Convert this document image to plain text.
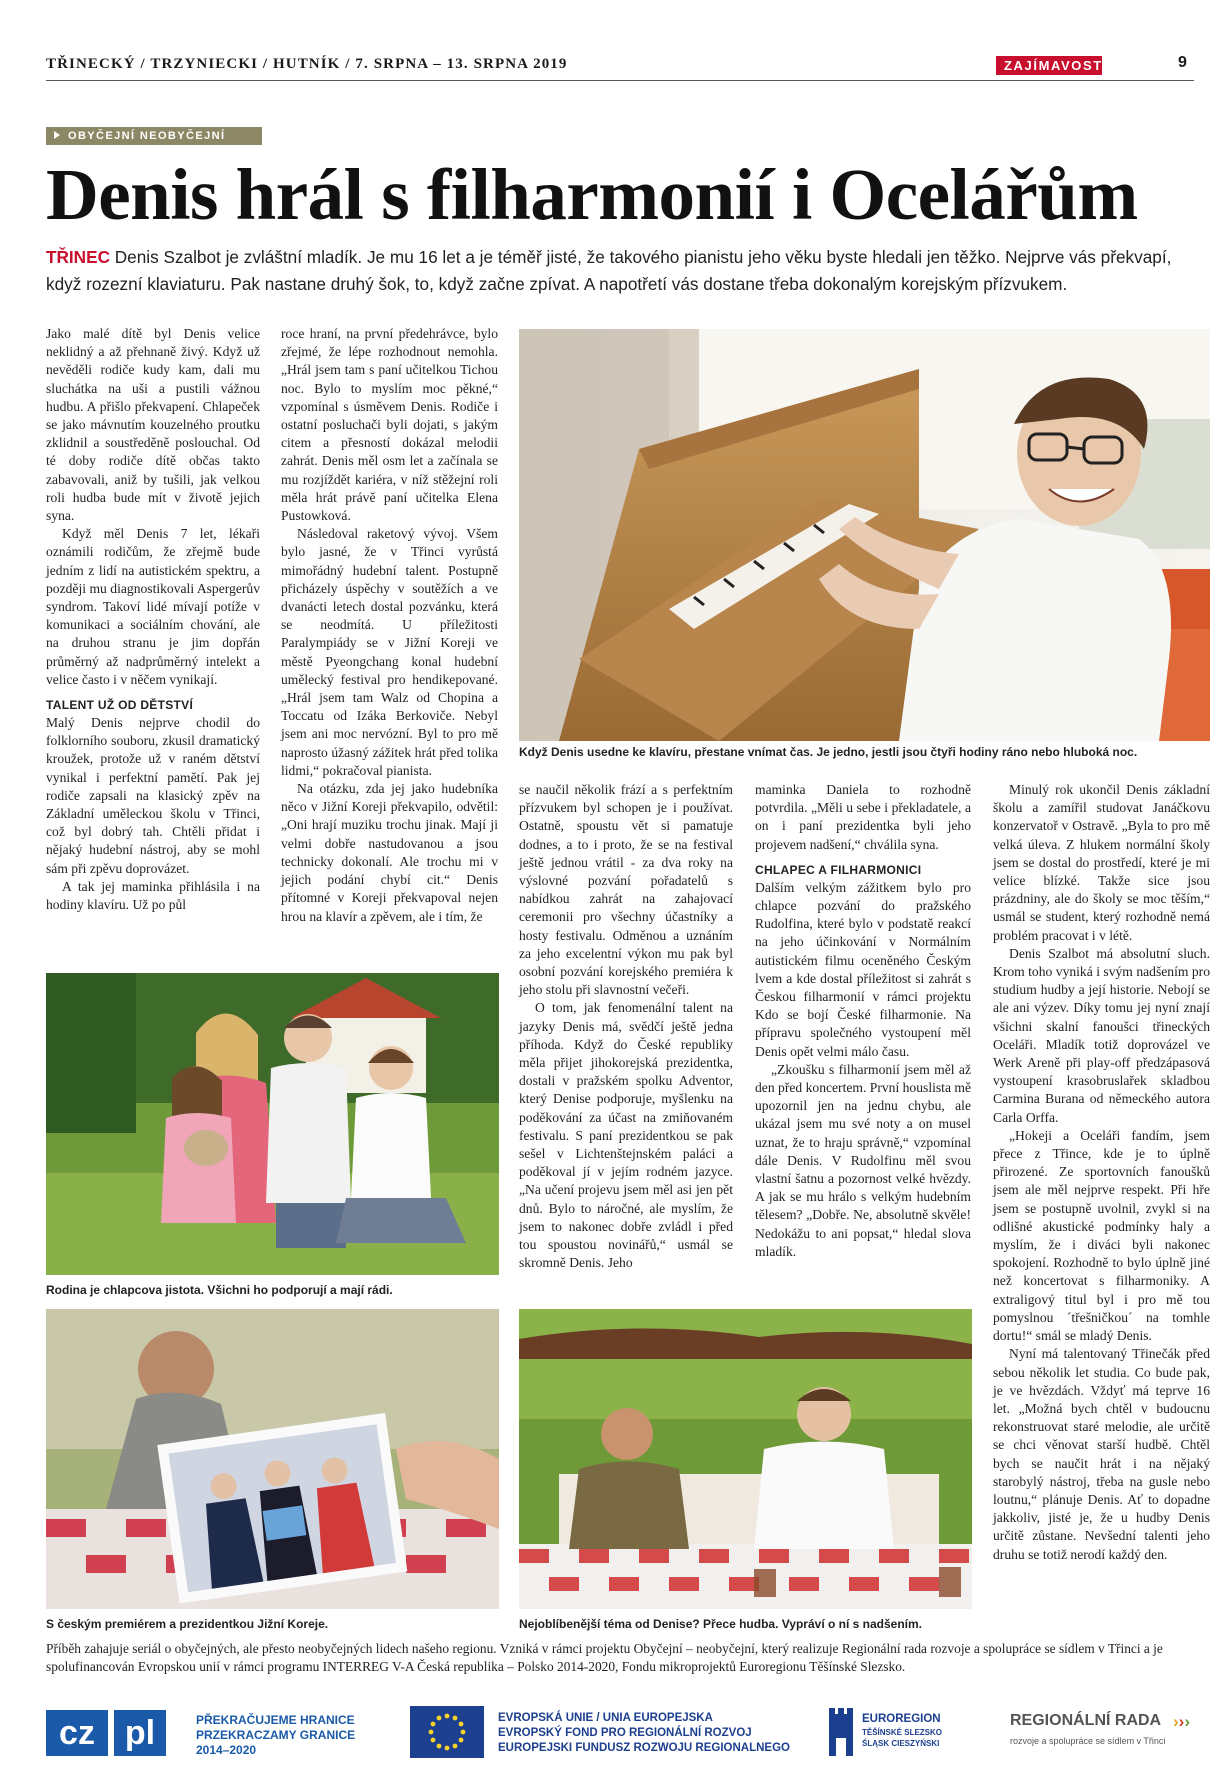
TŘINECKÝ / TRZYNIECKI / HUTNÍK / 7. SRPNA – 13. SRPNA 2019	ZAJÍMAVOSTI	9
OBYČEJNÍ NEOBYČEJNÍ
Denis hrál s filharmonií i Ocelářům
TŘINEC Denis Szalbot je zvláštní mladík. Je mu 16 let a je téměř jisté, že takového pianistu jeho věku byste hledali jen těžko. Nejprve vás překvapí, když rozezní klaviaturu. Pak nastane druhý šok, to, když začne zpívat. A napotřetí vás dostane třeba dokonalým korejským přízvukem.

Jako malé dítě byl Denis velice neklidný a až přehnaně živý. Když už nevěděli rodiče kudy kam, dali mu sluchátka na uši a pustili vážnou hudbu. A přišlo překvapení. Chlapeček se jako mávnutím kouzelného proutku zklidnil a soustředěně poslouchal. Od té doby rodiče dítě občas takto zabavovali, aniž by tušili, jak velkou roli hudba bude mít v životě jejich syna.

Když měl Denis 7 let, lékaři oznámili rodičům, že zřejmě bude jedním z lidí na autistickém spektru, a později mu diagnostikovali Aspergerův syndrom. Takoví lidé mívají potíže v komunikaci a sociálním chování, ale na druhou stranu je jim dopřán průměrný až nadprůměrný intelekt a velice často i v něčem vynikají.

TALENT UŽ OD DĚTSTVÍ

Malý Denis nejprve chodil do folklorního souboru, zkusil dramatický kroužek, protože už v raném dětství vynikal i perfektní pamětí. Pak jej rodiče zapsali na klasický zpěv na Základní uměleckou školu v Třinci, což byl dobrý tah. Chtěli přidat i nějaký hudební nástroj, aby se mohl sám při zpěvu doprovázet.

A tak jej maminka přihlásila i na hodiny klavíru. Už po půl

roce hraní, na první předehrávce, bylo zřejmé, že lépe rozhodnout nemohla. „Hrál jsem tam s paní učitelkou Tichou noc. Bylo to myslím moc pěkné,“ vzpomínal s úsměvem Denis. Rodiče i ostatní posluchači byli dojati, s jakým citem a přesností dokázal melodii zahrát. Denis měl osm let a začínala se mu rozjíždět kariéra, v níž stěžejní roli měla hrát právě paní učitelka Elena Pustowková.

Následoval raketový vývoj. Všem bylo jasné, že v Třinci vyrůstá mimořádný hudební talent. Postupně přicházely úspěchy v soutěžích a ve dvanácti letech dostal pozvánku, která se neodmítá. U příležitosti Paralympiády se v Jižní Koreji ve městě Pyeongchang konal hudební umělecký festival pro hendikepované. „Hrál jsem tam Walz od Chopina a Toccatu od Izáka Berkoviče. Nebyl jsem ani moc nervózní. Byl to pro mě naprosto úžasný zážitek hrát před tolika lidmi,“ pokračoval pianista.

Na otázku, zda jej jako hudebníka něco v Jižní Koreji překvapilo, odvětil: „Oni hrají muziku trochu jinak. Mají ji velmi dobře nastudovanou a jsou technicky dokonalí. Ale trochu mi v jejich podání chybí cit.“ Denis přítomné v Koreji překvapoval nejen hrou na klavír a zpěvem, ale i tím, že

Když Denis usedne ke klavíru, přestane vnímat čas. Je jedno, jestli jsou čtyři hodiny ráno nebo hluboká noc.

se naučil několik frází a s perfektním přízvukem byl schopen je i používat. Ostatně, spoustu vět si pamatuje dodnes, a to i proto, že se na festival ještě jednou vrátil - za dva roky na výslovné pozvání pořadatelů s nabídkou zahrát na zahajovací ceremonii pro všechny účastníky a hosty festivalu. Odměnou a uznáním za jeho excelentní výkon mu pak byl osobní pozvání korejského premiéra k jeho stolu při slavnostní večeři.

O tom, jak fenomenální talent na jazyky Denis má, svědčí ještě jedna příhoda. Když do České republiky měla přijet jihokorejská prezidentka, dostali v pražském spolku Adventor, který Denise podporuje, myšlenku na poděkování za účast na zmiňovaném festivalu. S paní prezidentkou se pak sešel v Lichtenštejnském paláci a poděkoval jí v jejím rodném jazyce. „Na učení projevu jsem měl asi jen pět dnů. Bylo to náročné, ale myslím, že jsem to nakonec dobře zvládl i před tou spoustou novinářů,“ usmál se skromně Denis. Jeho

maminka Daniela to rozhodně potvrdila. „Měli u sebe i překladatele, a on i paní prezidentka byli jeho projevem nadšení,“ chválila syna.

CHLAPEC A FILHARMONICI

Dalším velkým zážitkem bylo pro chlapce pozvání do pražského Rudolfina, které bylo v podstatě reakcí na jeho účinkování v Normálním autistickém filmu oceněného Českým lvem a kde dostal příležitost si zahrát s Českou filharmonií v rámci projektu Kdo se bojí České filharmonie. Na přípravu společného vystoupení měl Denis opět velmi málo času.

„Zkoušku s filharmonií jsem měl až den před koncertem. První houslista mě upozornil jen na jednu chybu, ale ukázal jsem mu své noty a on musel uznat, že to hraju správně,“ vzpomínal dále Denis. V Rudolfinu měl svou vlastní šatnu a pozornost velké hvězdy. A jak se mu hrálo s velkým hudebním tělesem? „Dobře. Ne, absolutně skvěle! Nedokážu to ani popsat,“ hledal slova mladík.

Minulý rok ukončil Denis základní školu a zamířil studovat Janáčkovu konzervatoř v Ostravě. „Byla to pro mě velká úleva. Z hlukem normální školy jsem se dostal do prostředí, které je mi velice blízké. Takže sice jsou prázdniny, ale do školy se moc těším,“ usmál se student, který rozhodně nemá problém pracovat i v létě.

Denis Szalbot má absolutní sluch. Krom toho vyniká i svým nadšením pro studium hudby a její historie. Nebojí se ale ani výzev. Díky tomu jej nyní znají všichni skalní fanoušci třineckých Oceláři. Mladík totiž doprovázel ve Werk Areně při play-off předzápasová vystoupení krasobruslařek skladbou Carmina Burana od německého autora Carla Orffa.

„Hokeji a Oceláři fandím, jsem přece z Třince, kde je to úplně přirozené. Ze sportovních fanoušků jsem ale měl nejprve respekt. Při hře jsem se postupně uvolnil, zvykl si na odlišné akustické podmínky haly a myslím, že i diváci byli nakonec spokojení. Rozhodně to bylo úplně jiné než koncertovat s filharmoniky. A extraligový titul byl i pro mě tou pomyslnou ´třešničkou´ na tomhle dortu!“ smál se mladý Denis.

Nyní má talentovaný Třinečák před sebou několik let studia. Co bude pak, je ve hvězdách. Vždyť má teprve 16 let. „Možná bych chtěl v budoucnu rekonstruovat staré melodie, ale určitě se chci věnovat starší hudbě. Chtěl bych se naučit hrát i na nějaký starobylý nástroj, třeba na gusle nebo loutnu,“ plánuje Denis. Ať to dopadne jakkoliv, jisté je, že u hudby Denis určitě zůstane. Nevšední talenti jeho druhu se totiž nerodí každý den.

Rodina je chlapcova jistota. Všichni ho podporují a mají rádi.
S českým premiérem a prezidentkou Jižní Koreje.	Nejoblíbenější téma od Denise? Přece hudba. Vypráví o ní s nadšením.
Příběh zahajuje seriál o obyčejných, ale přesto neobyčejných lidech našeho regionu. Vzniká v rámci projektu Obyčejní – neobyčejní, který realizuje Regionální rada rozvoje a spolupráce se sídlem v Třinci a je spolufinancován Evropskou unií v rámci programu INTERREG V-A Česká republika – Polsko 2014-2020, Fondu mikroprojektů Euroregionu Těšínské Slezsko.
cz pl	PŘEKRAČUJEME HRANICE
PRZEKRACZAMY GRANICE
2014–2020
EVROPSKÁ UNIE / UNIA EUROPEJSKA
EVROPSKÝ FOND PRO REGIONÁLNÍ ROZVOJ
EUROPEJSKI FUNDUSZ ROZWOJU REGIONALNEGO
EUROREGION
TĚŠÍNSKÉ SLEZSKO
ŚLĄSK CIESZYŃSKI
REGIONÁLNÍ RADA ›››
rozvoje a spolupráce se sídlem v Třinci
